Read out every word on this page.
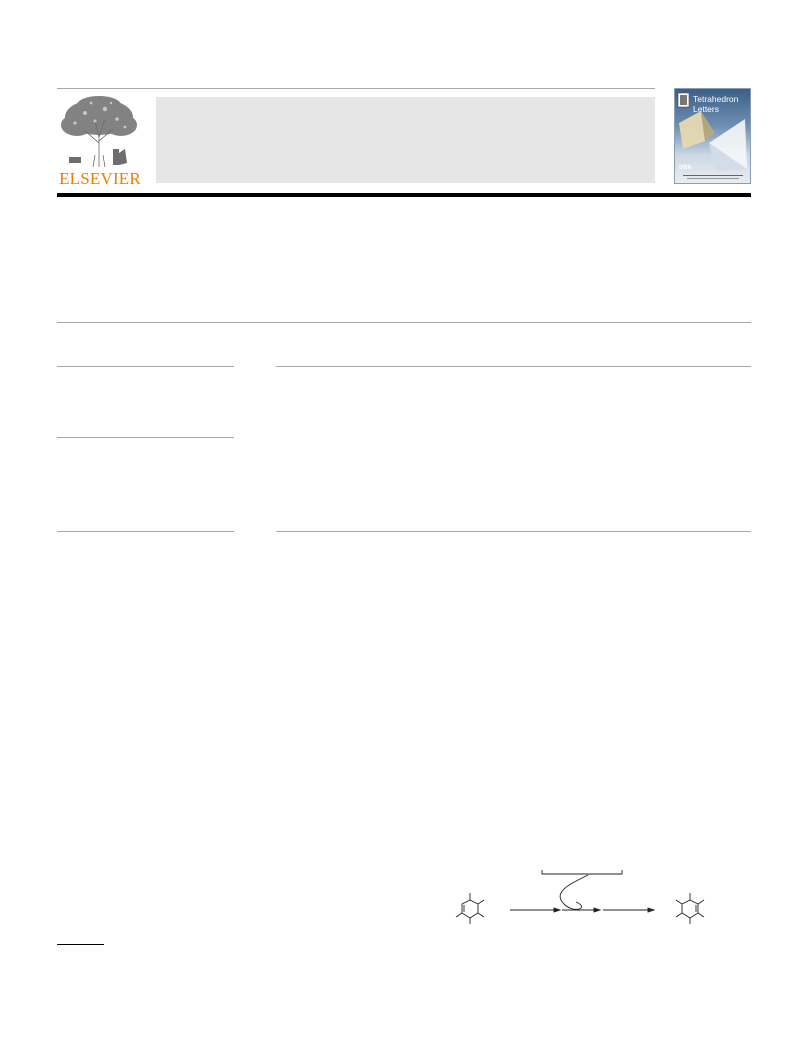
ELSEVIER
Tetrahedron
Letters
50th
